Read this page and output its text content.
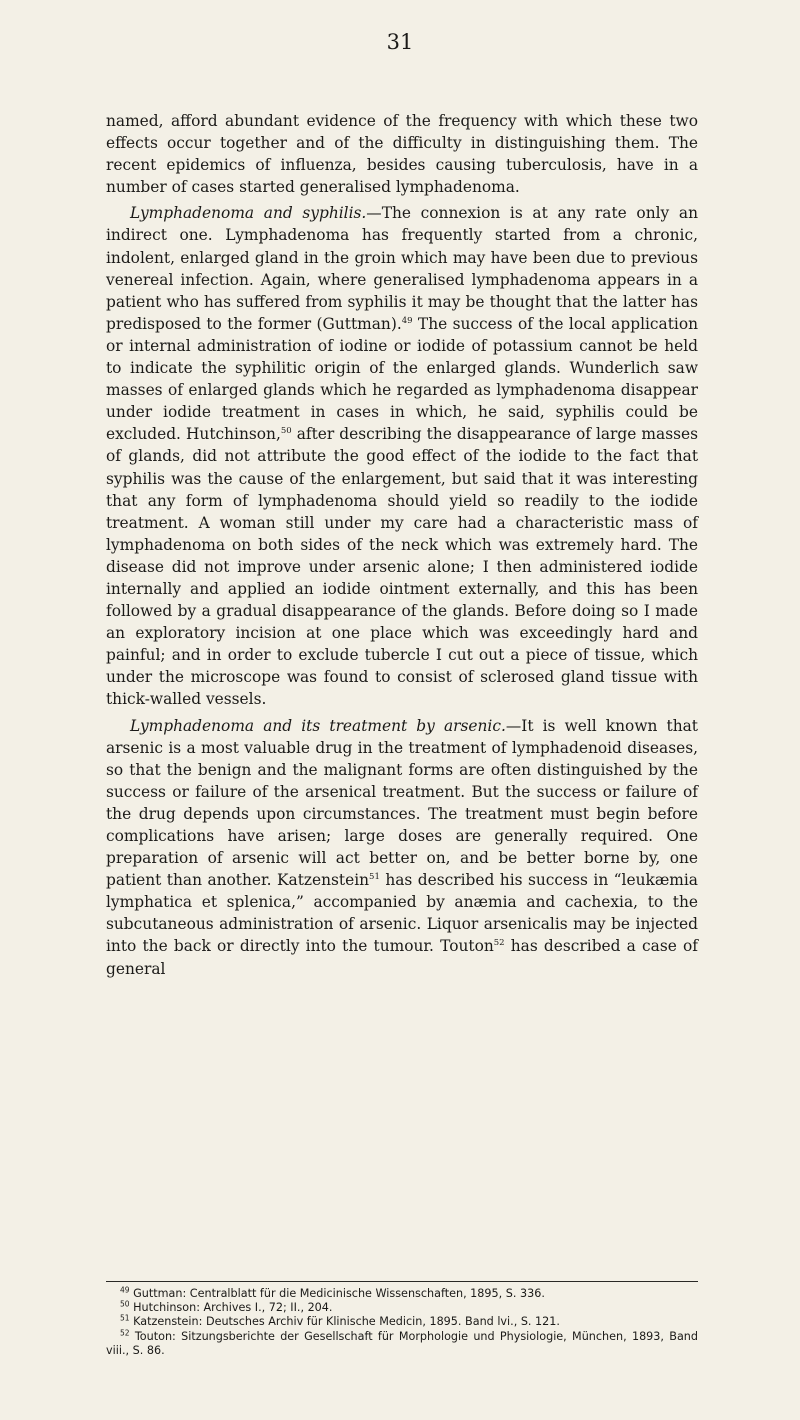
31

named, afford abundant evidence of the frequency with which these two effects occur together and of the difficulty in distinguishing them. The recent epidemics of influenza, besides causing tuberculosis, have in a number of cases started generalised lymphadenoma.

Lymphadenoma and syphilis.—The connexion is at any rate only an indirect one. Lymphadenoma has frequently started from a chronic, indolent, enlarged gland in the groin which may have been due to previous venereal infection. Again, where generalised lymphadenoma appears in a patient who has suffered from syphilis it may be thought that the latter has predisposed to the former (Guttman).$^{49}$ The success of the local application or internal administration of iodine or iodide of potassium cannot be held to indicate the syphilitic origin of the enlarged glands. Wunderlich saw masses of enlarged glands which he regarded as lymphadenoma disappear under iodide treatment in cases in which, he said, syphilis could be excluded. Hutchinson,$^{50}$ after describing the disappearance of large masses of glands, did not attribute the good effect of the iodide to the fact that syphilis was the cause of the enlargement, but said that it was interesting that any form of lymphadenoma should yield so readily to the iodide treatment. A woman still under my care had a characteristic mass of lymphadenoma on both sides of the neck which was extremely hard. The disease did not improve under arsenic alone; I then administered iodide internally and applied an iodide ointment externally, and this has been followed by a gradual disappearance of the glands. Before doing so I made an exploratory incision at one place which was exceedingly hard and painful; and in order to exclude tubercle I cut out a piece of tissue, which under the microscope was found to consist of sclerosed gland tissue with thick-walled vessels.

Lymphadenoma and its treatment by arsenic.—It is well known that arsenic is a most valuable drug in the treatment of lymphadenoid diseases, so that the benign and the malignant forms are often distinguished by the success or failure of the arsenical treatment. But the success or failure of the drug depends upon circumstances. The treatment must begin before complications have arisen; large doses are generally required. One preparation of arsenic will act better on, and be better borne by, one patient than another. Katzenstein$^{51}$ has described his success in “leukæmia lymphatica et splenica,” accompanied by anæmia and cachexia, to the subcutaneous administration of arsenic. Liquor arsenicalis may be injected into the back or directly into the tumour. Touton$^{52}$ has described a case of general

$^{49}$ Guttman: Centralblatt für die Medicinische Wissenschaften, 1895, S. 336.

$^{50}$ Hutchinson: Archives I., 72; II., 204.

$^{51}$ Katzenstein: Deutsches Archiv für Klinische Medicin, 1895. Band lvi., S. 121.

$^{52}$ Touton: Sitzungsberichte der Gesellschaft für Morphologie und Physiologie, München, 1893, Band viii., S. 86.
